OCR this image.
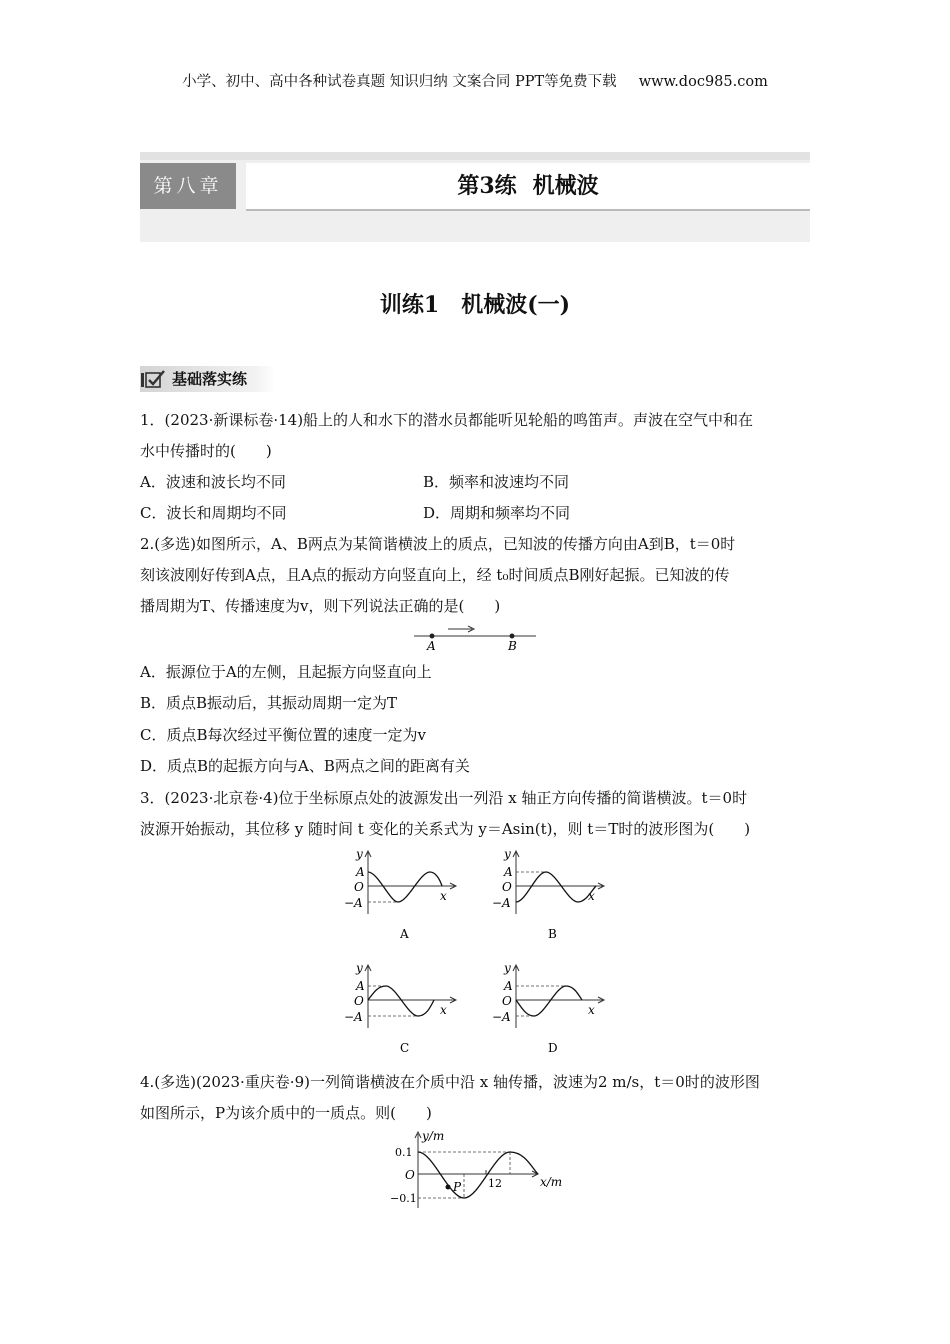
小学、初中、高中各种试卷真题 知识归纳 文案合同 PPT等免费下载 www.doc985.com
第八章	第3练 机械波
训练1　机械波(一)
基础落实练
1．(2023·新课标卷·14)船上的人和水下的潜水员都能听见轮船的鸣笛声。声波在空气中和在
水中传播时的(　　)
A．波速和波长均不同	B．频率和波速均不同
C．波长和周期均不同	D．周期和频率均不同
2.(多选)如图所示，A、B两点为某简谐横波上的质点，已知波的传播方向由A到B，t＝0时
刻该波刚好传到A点，且A点的振动方向竖直向上，经 t₀时间质点B刚好起振。已知波的传
播周期为T、传播速度为v，则下列说法正确的是(　　)
A	B
A．振源位于A的左侧，且起振方向竖直向上
B．质点B振动后，其振动周期一定为T
C．质点B每次经过平衡位置的速度一定为v
D．质点B的起振方向与A、B两点之间的距离有关
3．(2023·北京卷·4)位于坐标原点处的波源发出一列沿 x 轴正方向传播的简谐横波。t＝0时
波源开始振动，其位移 y 随时间 t 变化的关系式为 y＝Asin(t)，则 t＝T时的波形图为(　　)
y
A
O
−A	x
A
y
A
O
−A	x
B
y
A
O
−A	x
C
y
A
O
−A	x
D
4.(多选)(2023·重庆卷·9)一列简谐横波在介质中沿 x 轴传播，波速为2 m/s，t＝0时的波形图
如图所示，P为该介质中的一质点。则(　　)
y/m
x/m
0.1
O
−0.1
12
P
